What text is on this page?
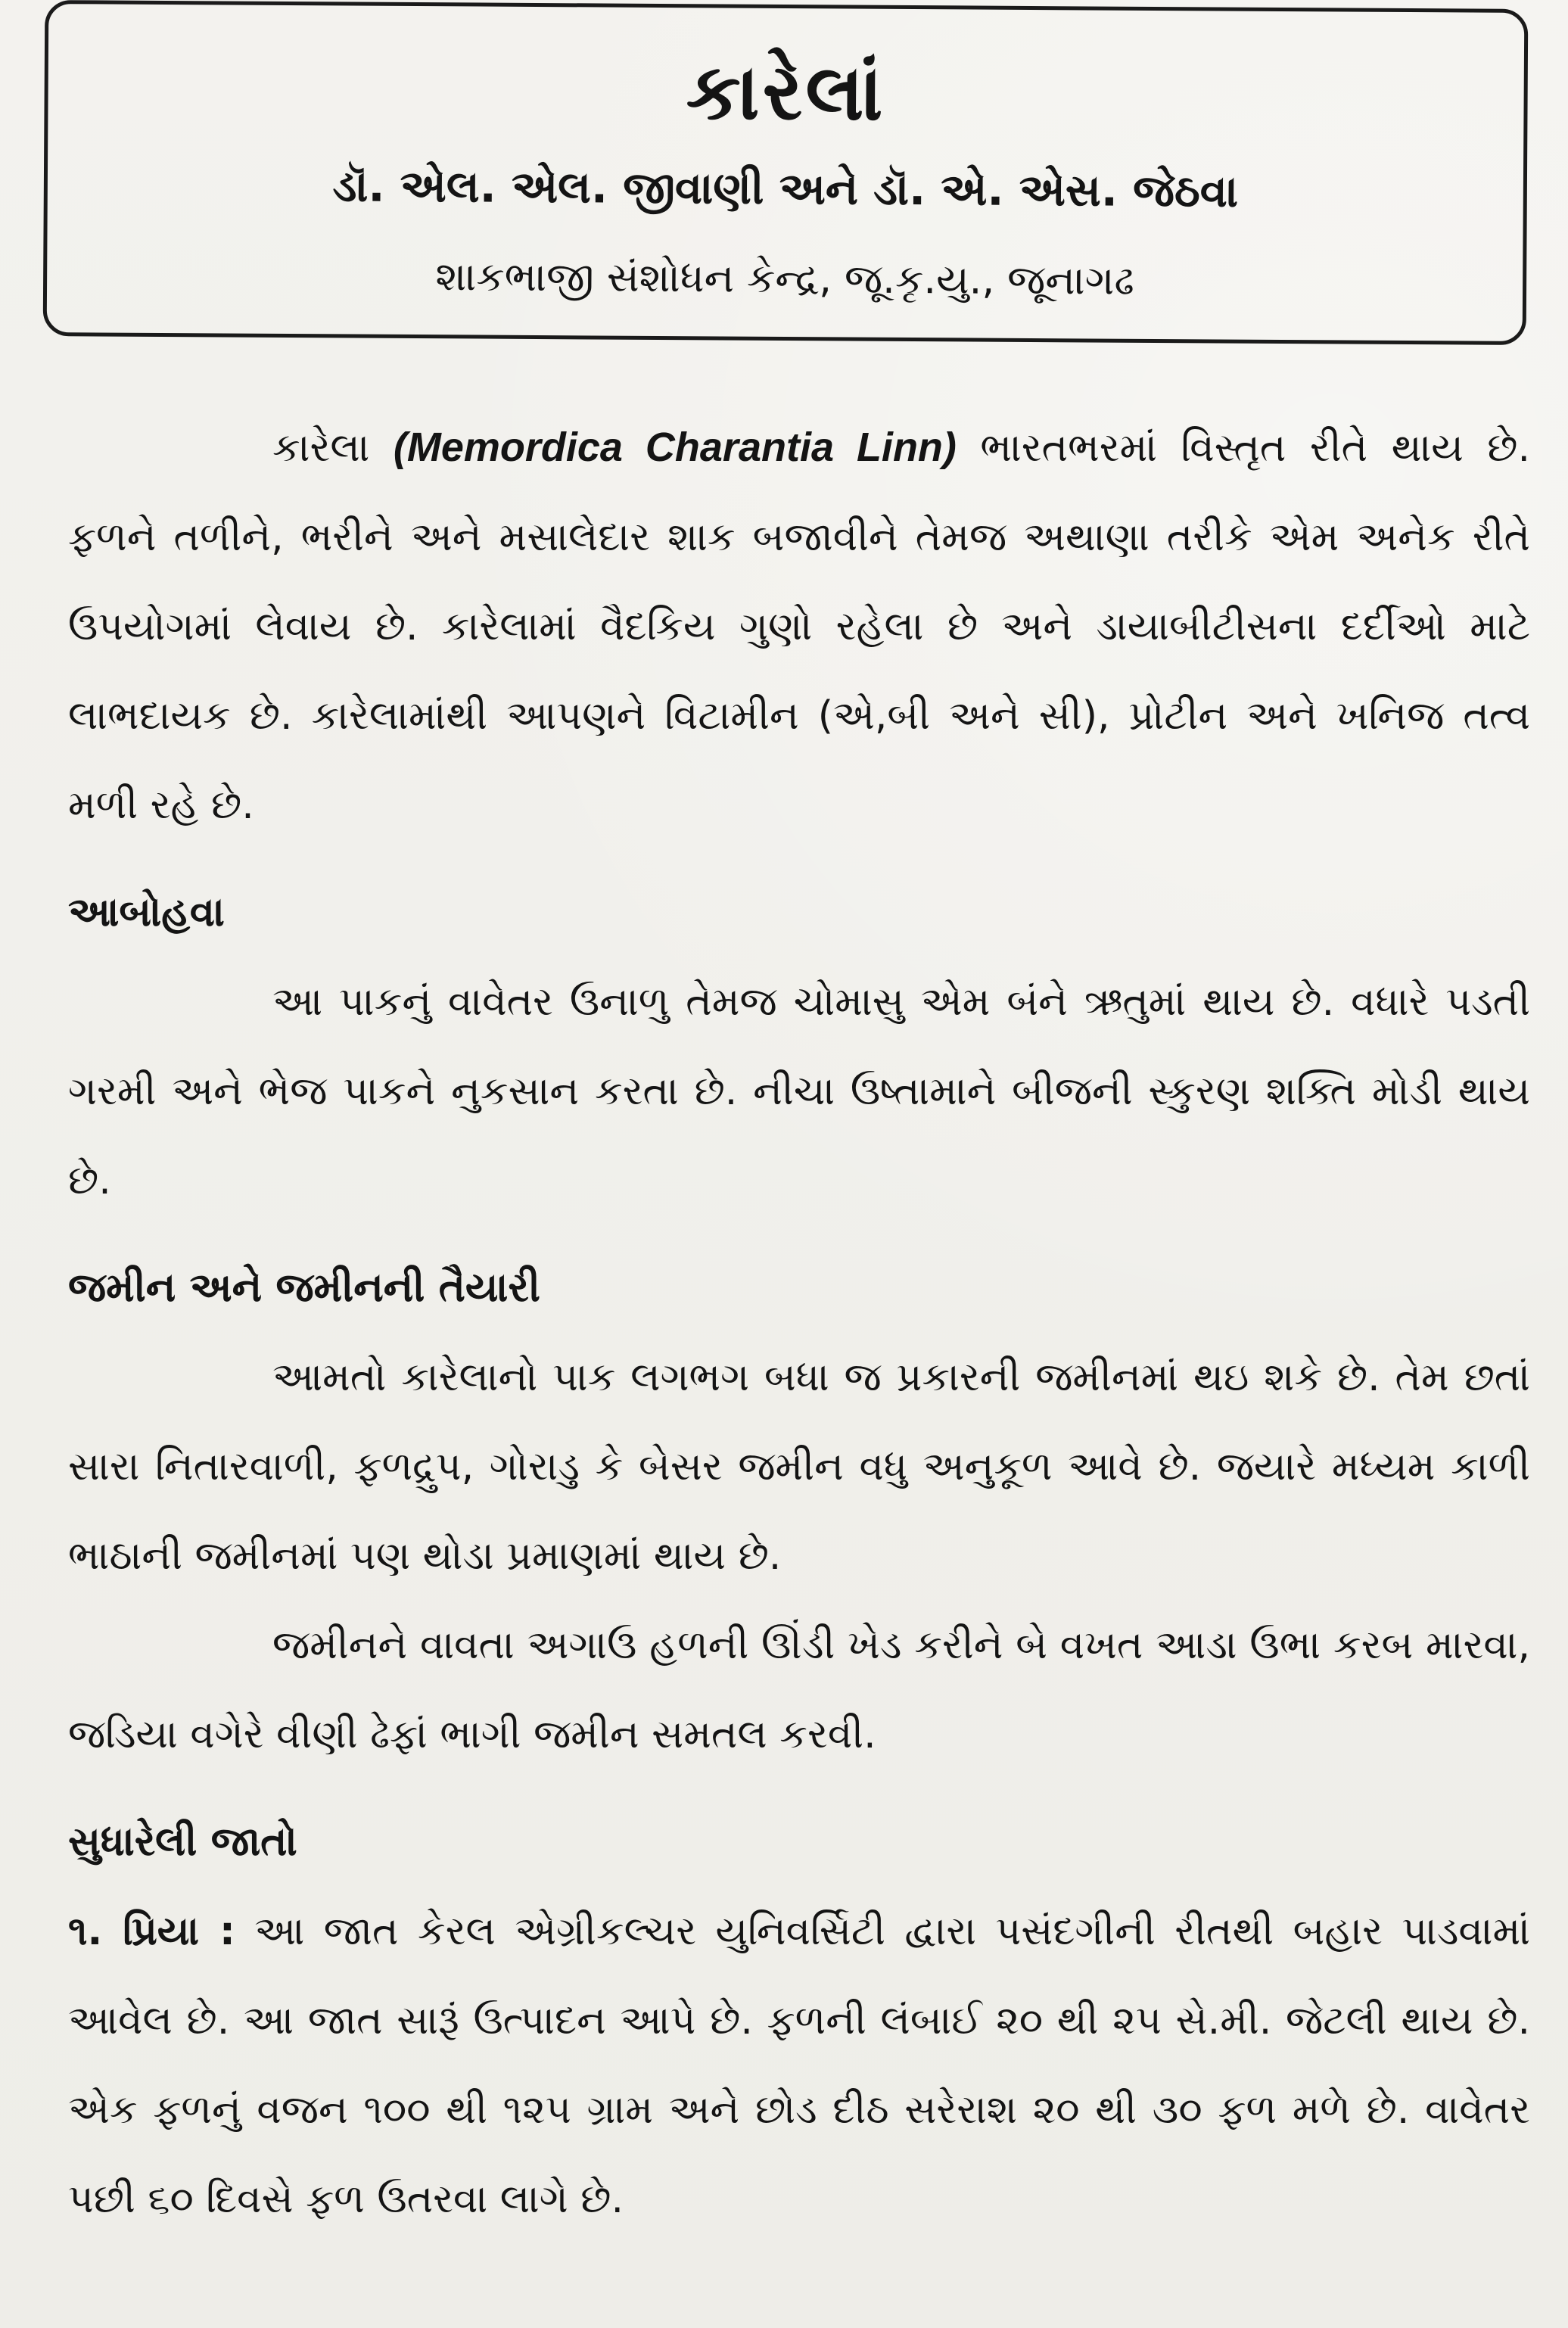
કારેલાં
ડૉ. એલ. એલ. જીવાણી અને ડૉ. એ. એસ. જેઠવા
શાકભાજી સંશોધન કેન્દ્ર, જૂ.કૃ.યુ., જૂનાગઢ

કારેલા (Memordica Charantia Linn) ભારતભરમાં વિસ્તૃત રીતે થાય છે. ફળને તળીને, ભરીને અને મસાલેદાર શાક બજાવીને તેમજ અથાણા તરીકે એમ અનેક રીતે ઉપયોગમાં લેવાય છે. કારેલામાં વૈદકિય ગુણો રહેલા છે અને ડાયાબીટીસના દર્દીઓ માટે લાભદાયક છે. કારેલામાંથી આપણને વિટામીન (એ,બી અને સી), પ્રોટીન અને ખનિજ તત્વ મળી રહે છે.

આબોહવા

આ પાકનું વાવેતર ઉનાળુ તેમજ ચોમાસુ એમ બંને ઋતુમાં થાય છે. વધારે પડતી ગરમી અને ભેજ પાકને નુકસાન કરતા છે. નીચા ઉષ્તામાને બીજની સ્કુરણ શક્તિ મોડી થાય છે.

જમીન અને જમીનની તૈયારી

આમતો કારેલાનો પાક લગભગ બધા જ પ્રકારની જમીનમાં થઇ શકે છે. તેમ છતાં સારા નિતારવાળી, ફળદ્રુપ, ગોરાડુ કે બેસર જમીન વધુ અનુકૂળ આવે છે. જયારે મધ્યમ કાળી ભાઠાની જમીનમાં પણ થોડા પ્રમાણમાં થાય છે.

જમીનને વાવતા અગાઉ હળની ઊંડી ખેડ કરીને બે વખત આડા ઉભા કરબ મારવા, જડિયા વગેરે વીણી ઢેફાં ભાગી જમીન સમતલ કરવી.

સુધારેલી જાતો

૧. પ્રિયા : આ જાત કેરલ એગ્રીકલ્ચર યુનિવર્સિટી દ્વારા પસંદગીની રીતથી બહાર પાડવામાં આવેલ છે. આ જાત સારૂં ઉત્પાદન આપે છે. ફળની લંબાઈ ૨૦ થી ૨૫ સે.મી. જેટલી થાય છે. એક ફળનું વજન ૧૦૦ થી ૧૨૫ ગ્રામ અને છોડ દીઠ સરેરાશ ૨૦ થી ૩૦ ફળ મળે છે. વાવેતર પછી ૬૦ દિવસે ફળ ઉતરવા લાગે છે.
